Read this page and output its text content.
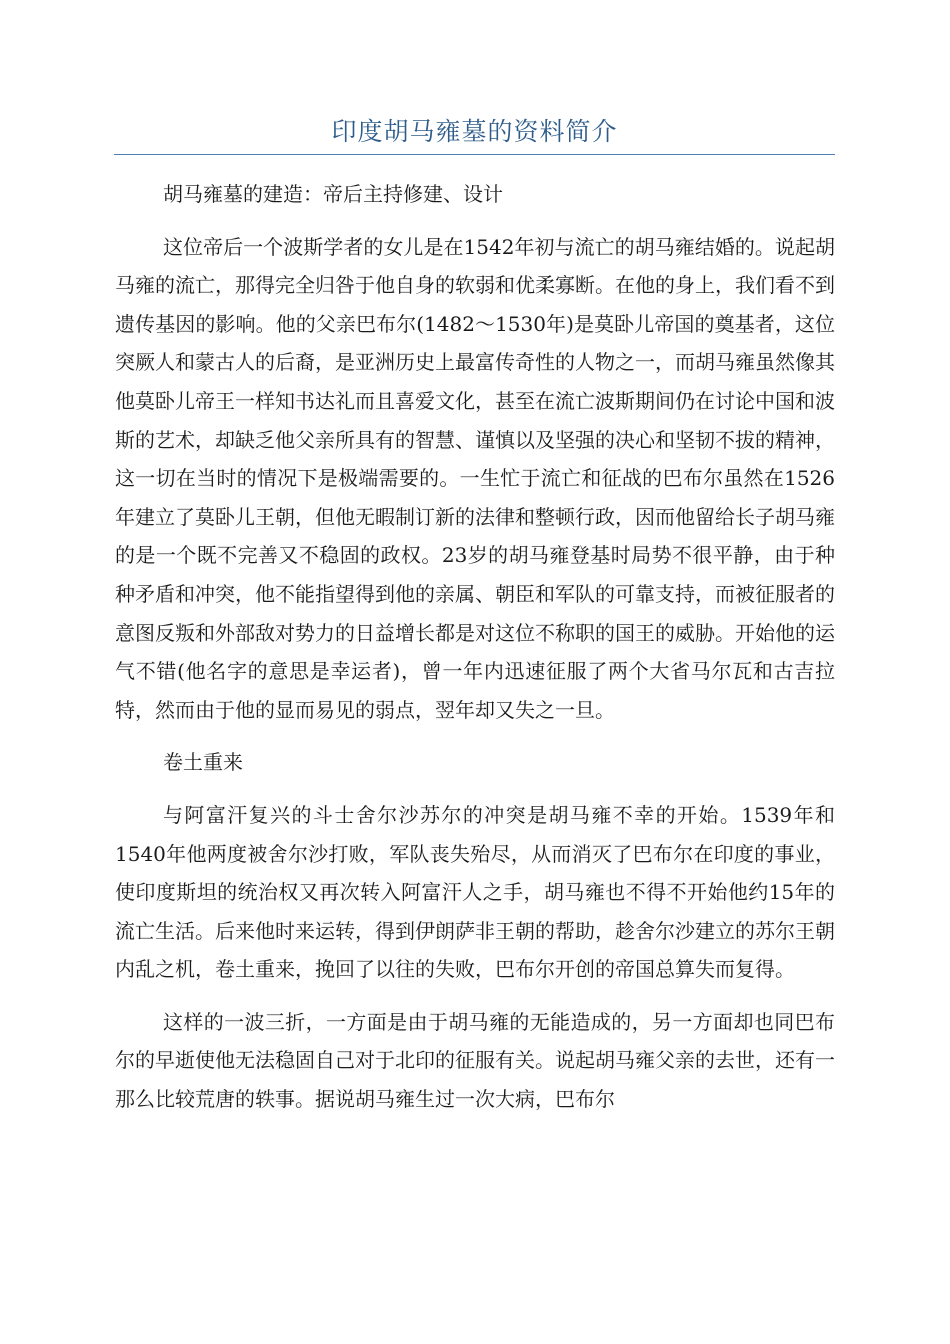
印度胡马雍墓的资料简介

胡马雍墓的建造：帝后主持修建、设计

这位帝后一个波斯学者的女儿是在1542年初与流亡的胡马雍结婚的。说起胡马雍的流亡，那得完全归咎于他自身的软弱和优柔寡断。在他的身上，我们看不到遗传基因的影响。他的父亲巴布尔(1482～1530年)是莫卧儿帝国的奠基者，这位突厥人和蒙古人的后裔，是亚洲历史上最富传奇性的人物之一，而胡马雍虽然像其他莫卧儿帝王一样知书达礼而且喜爱文化，甚至在流亡波斯期间仍在讨论中国和波斯的艺术，却缺乏他父亲所具有的智慧、谨慎以及坚强的决心和坚韧不拔的精神，这一切在当时的情况下是极端需要的。一生忙于流亡和征战的巴布尔虽然在1526年建立了莫卧儿王朝，但他无暇制订新的法律和整顿行政，因而他留给长子胡马雍的是一个既不完善又不稳固的政权。23岁的胡马雍登基时局势不很平静，由于种种矛盾和冲突，他不能指望得到他的亲属、朝臣和军队的可靠支持，而被征服者的意图反叛和外部敌对势力的日益增长都是对这位不称职的国王的威胁。开始他的运气不错(他名字的意思是幸运者)，曾一年内迅速征服了两个大省马尔瓦和古吉拉特，然而由于他的显而易见的弱点，翌年却又失之一旦。

卷土重来

与阿富汗复兴的斗士舍尔沙苏尔的冲突是胡马雍不幸的开始。1539年和1540年他两度被舍尔沙打败，军队丧失殆尽，从而消灭了巴布尔在印度的事业，使印度斯坦的统治权又再次转入阿富汗人之手，胡马雍也不得不开始他约15年的流亡生活。后来他时来运转，得到伊朗萨非王朝的帮助，趁舍尔沙建立的苏尔王朝内乱之机，卷土重来，挽回了以往的失败，巴布尔开创的帝国总算失而复得。

这样的一波三折，一方面是由于胡马雍的无能造成的，另一方面却也同巴布尔的早逝使他无法稳固自己对于北印的征服有关。说起胡马雍父亲的去世，还有一那么比较荒唐的轶事。据说胡马雍生过一次大病，巴布尔
